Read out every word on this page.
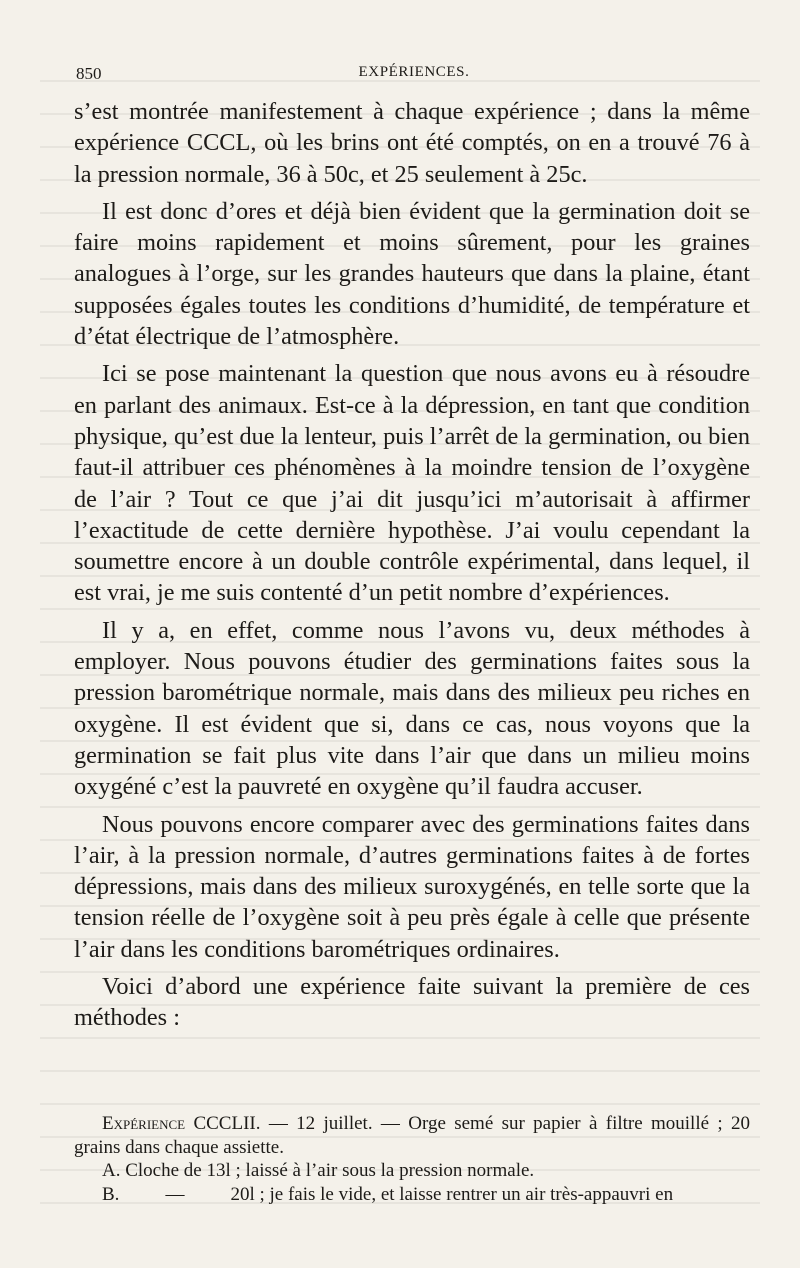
850	EXPÉRIENCES.

s’est montrée manifestement à chaque expérience ; dans la même expérience CCCL, où les brins ont été comptés, on en a trouvé 76 à la pression normale, 36 à 50c, et 25 seulement à 25c.

Il est donc d’ores et déjà bien évident que la germination doit se faire moins rapidement et moins sûrement, pour les graines analogues à l’orge, sur les grandes hauteurs que dans la plaine, étant supposées égales toutes les conditions d’humidité, de température et d’état électrique de l’atmosphère.

Ici se pose maintenant la question que nous avons eu à résoudre en parlant des animaux. Est-ce à la dépression, en tant que condition physique, qu’est due la lenteur, puis l’arrêt de la germination, ou bien faut-il attribuer ces phénomènes à la moindre tension de l’oxygène de l’air ? Tout ce que j’ai dit jusqu’ici m’autorisait à affirmer l’exactitude de cette dernière hypothèse. J’ai voulu cependant la soumettre encore à un double contrôle expérimental, dans lequel, il est vrai, je me suis contenté d’un petit nombre d’expériences.

Il y a, en effet, comme nous l’avons vu, deux méthodes à employer. Nous pouvons étudier des germinations faites sous la pression barométrique normale, mais dans des milieux peu riches en oxygène. Il est évident que si, dans ce cas, nous voyons que la germination se fait plus vite dans l’air que dans un milieu moins oxygéné c’est la pauvreté en oxygène qu’il faudra accuser.

Nous pouvons encore comparer avec des germinations faites dans l’air, à la pression normale, d’autres germinations faites à de fortes dépressions, mais dans des milieux suroxygénés, en telle sorte que la tension réelle de l’oxygène soit à peu près égale à celle que présente l’air dans les conditions barométriques ordinaires.

Voici d’abord une expérience faite suivant la première de ces méthodes :

Expérience CCCLII. — 12 juillet. — Orge semé sur papier à filtre mouillé ; 20 grains dans chaque assiette.

A. Cloche de 13l ; laissé à l’air sous la pression normale.

B. — 20l ; je fais le vide, et laisse rentrer un air très-appauvri en
